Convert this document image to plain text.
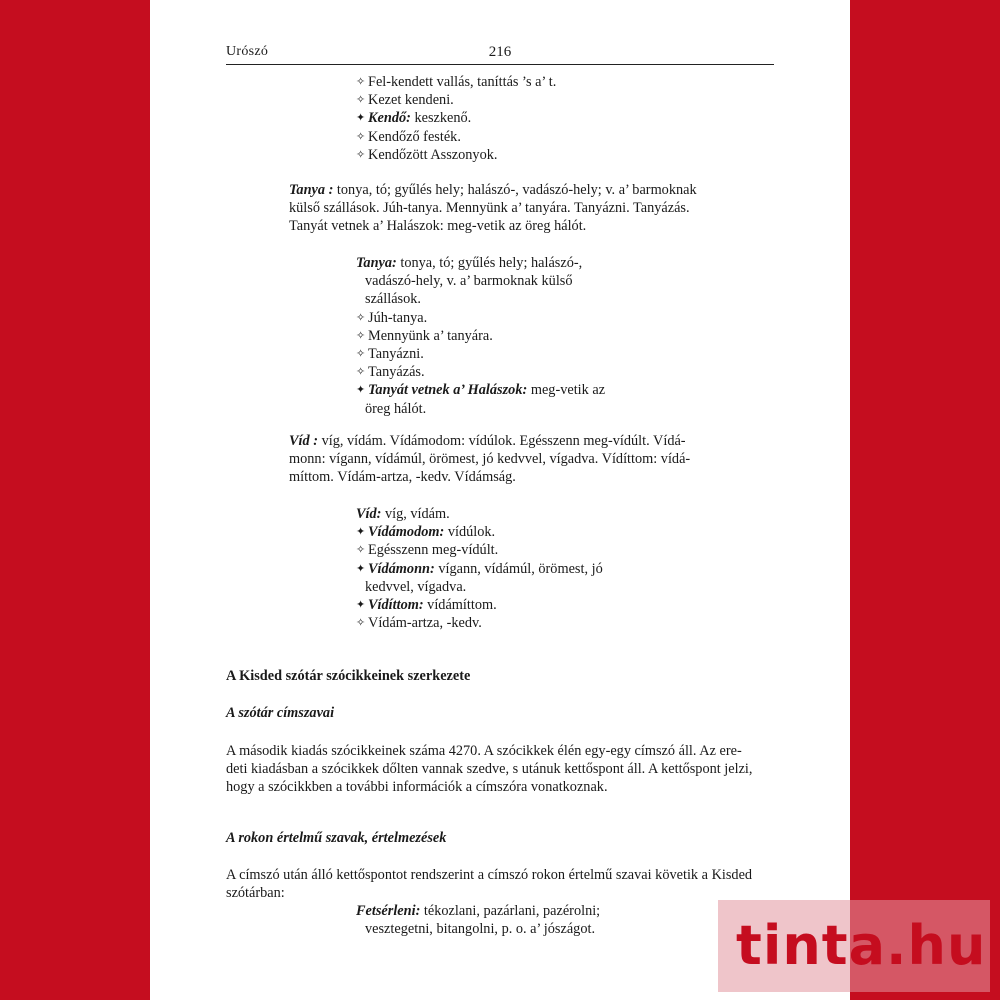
Urószó	216
✧ Fel-kendett vallás, taníttás ’s a’ t.
✧ Kezet kendeni.
✦ Kendő: keszkenő.
✧ Kendőző festék.
✧ Kendőzött Asszonyok.
Tanya : tonya, tó; gyűlés hely; halászó-, vadászó-hely; v. a’ barmoknak
külső szállások. Júh-tanya. Mennyünk a’ tanyára. Tanyázni. Tanyázás.
Tanyát vetnek a’ Halászok: meg-vetik az öreg hálót.
Tanya: tonya, tó; gyűlés hely; halászó-,
vadászó-hely, v. a’ barmoknak külső
szállások.
✧ Júh-tanya.
✧ Mennyünk a’ tanyára.
✧ Tanyázni.
✧ Tanyázás.
✦ Tanyát vetnek a’ Halászok: meg-vetik az
öreg hálót.
Víd : víg, vídám. Vídámodom: vídúlok. Egésszenn meg-vídúlt. Vídá-
monn: vígann, vídámúl, örömest, jó kedvvel, vígadva. Vídíttom: vídá-
míttom. Vídám-artza, -kedv. Vídámság.
Víd: víg, vídám.
✦ Vídámodom: vídúlok.
✧ Egésszenn meg-vídúlt.
✦ Vídámonn: vígann, vídámúl, örömest, jó
kedvvel, vígadva.
✦ Vídíttom: vídámíttom.
✧ Vídám-artza, -kedv.
A Kisded szótár szócikkeinek szerkezete
A szótár címszavai
A második kiadás szócikkeinek száma 4270. A szócikkek élén egy-egy címszó áll. Az ere-
deti kiadásban a szócikkek dőlten vannak szedve, s utánuk kettőspont áll. A kettőspont jelzi,
hogy a szócikkben a további információk a címszóra vonatkoznak.
A rokon értelmű szavak, értelmezések
A címszó után álló kettőspontot rendszerint a címszó rokon értelmű szavai követik a Kisded
szótárban:
Fetsérleni: tékozlani, pazárlani, pazérolni;
vesztegetni, bitangolni, p. o. a’ jószágot.	tinta.hu
